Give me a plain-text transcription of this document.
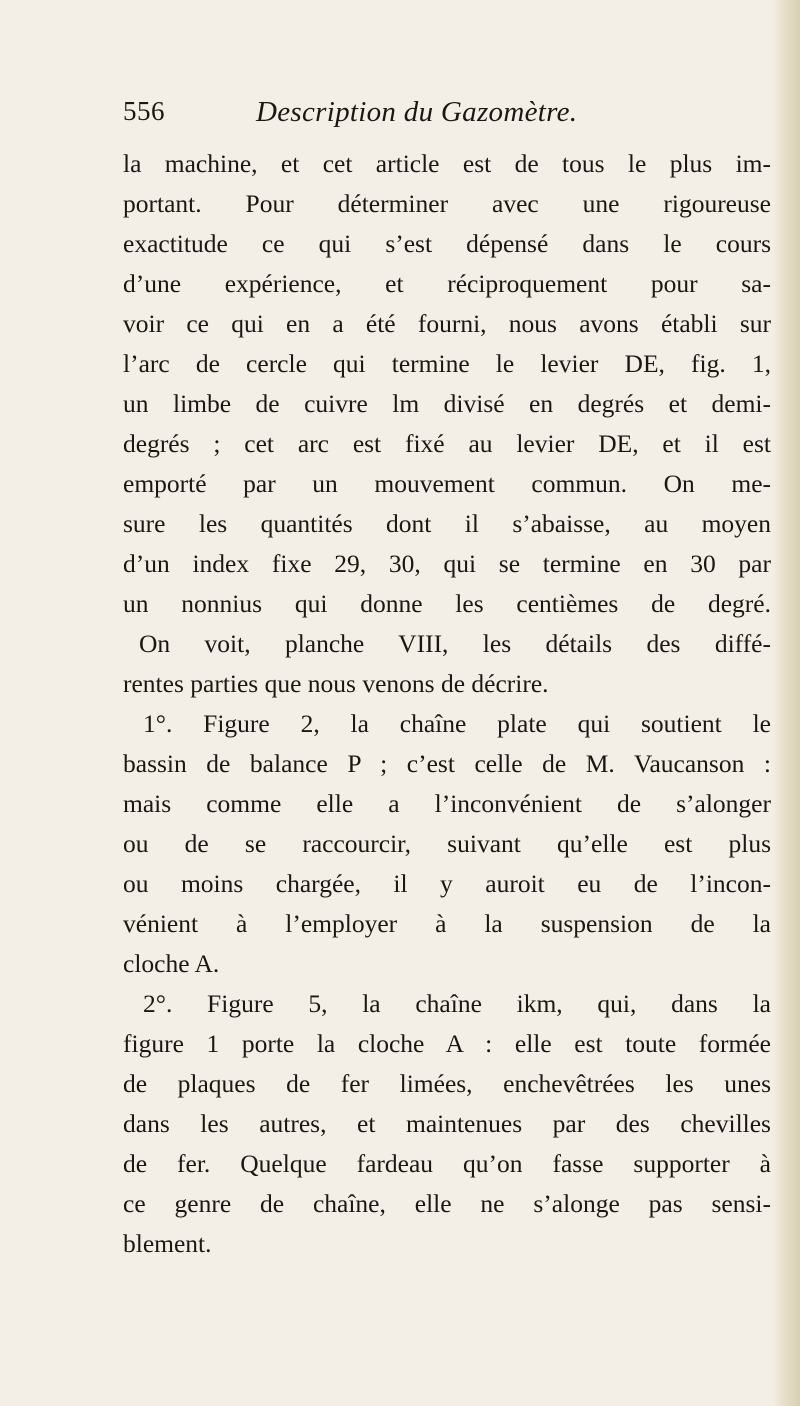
556	Description du Gazomètre.
la machine, et cet article est de tous le plus im-
portant. Pour déterminer avec une rigoureuse
exactitude ce qui s’est dépensé dans le cours
d’une expérience, et réciproquement pour sa-
voir ce qui en a été fourni, nous avons établi sur
l’arc de cercle qui termine le levier DE, fig. 1,
un limbe de cuivre lm divisé en degrés et demi-
degrés ; cet arc est fixé au levier DE, et il est
emporté par un mouvement commun. On me-
sure les quantités dont il s’abaisse, au moyen
d’un index fixe 29, 30, qui se termine en 30 par
un nonnius qui donne les centièmes de degré.
On voit, planche VIII, les détails des diffé-
rentes parties que nous venons de décrire.
1°. Figure 2, la chaîne plate qui soutient le
bassin de balance P ; c’est celle de M. Vaucanson :
mais comme elle a l’inconvénient de s’alonger
ou de se raccourcir, suivant qu’elle est plus
ou moins chargée, il y auroit eu de l’incon-
vénient à l’employer à la suspension de la
cloche A.
2°. Figure 5, la chaîne ikm, qui, dans la
figure 1 porte la cloche A : elle est toute formée
de plaques de fer limées, enchevêtrées les unes
dans les autres, et maintenues par des chevilles
de fer. Quelque fardeau qu’on fasse supporter à
ce genre de chaîne, elle ne s’alonge pas sensi-
blement.
